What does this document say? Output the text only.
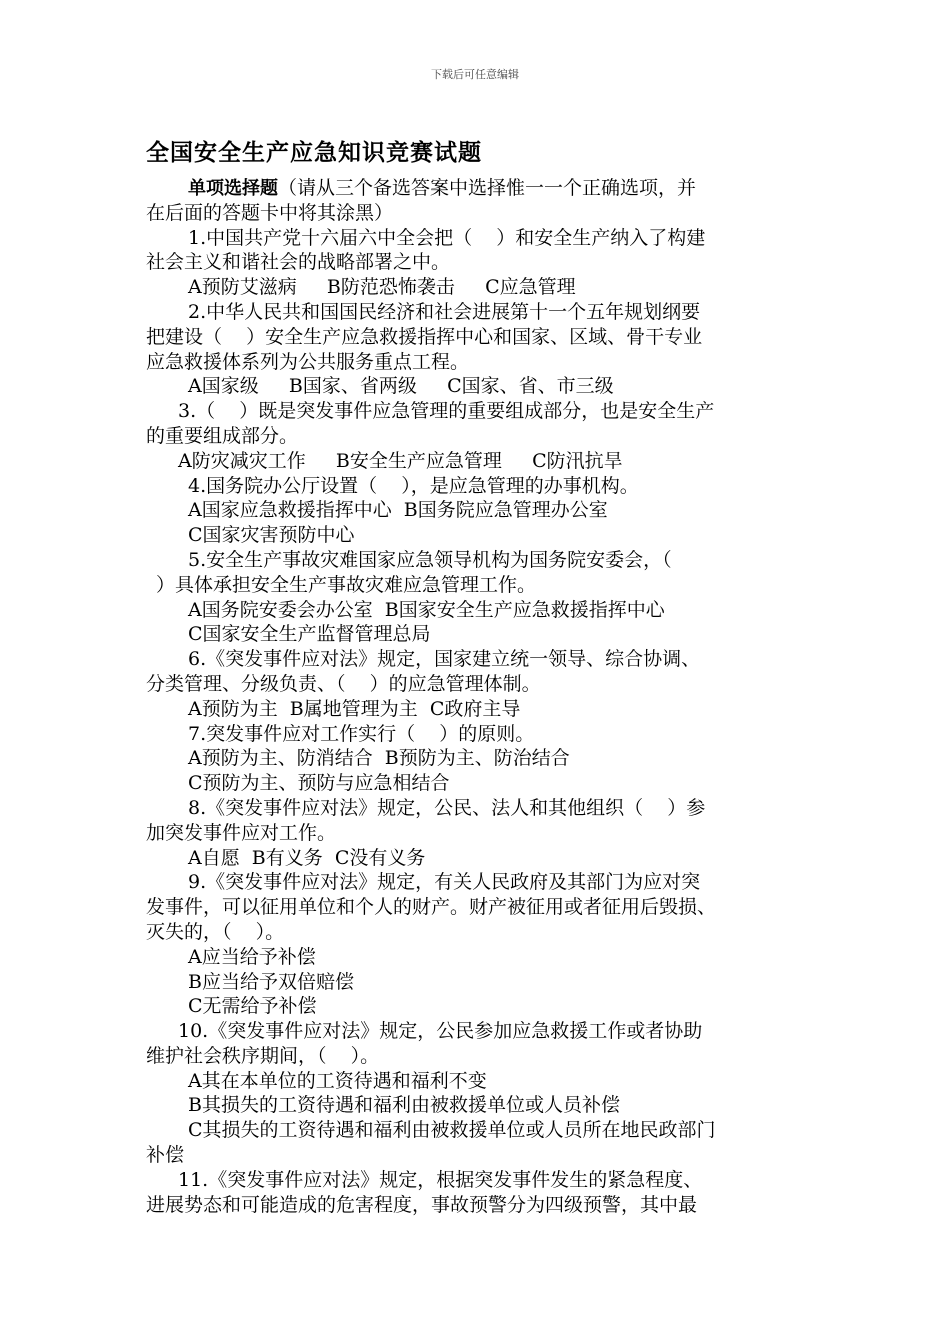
下载后可任意编辑
全国安全生产应急知识竞赛试题
单项选择题（请从三个备选答案中选择惟一一个正确选项，并
在后面的答题卡中将其涂黑）
1.中国共产党十六届六中全会把（    ）和安全生产纳入了构建
社会主义和谐社会的战略部署之中。
A预防艾滋病     B防范恐怖袭击     C应急管理
2.中华人民共和国国民经济和社会进展第十一个五年规划纲要
把建设（    ）安全生产应急救援指挥中心和国家、区域、骨干专业
应急救援体系列为公共服务重点工程。
A国家级     B国家、省两级     C国家、省、市三级
3.（    ）既是突发事件应急管理的重要组成部分，也是安全生产
的重要组成部分。
A防灾减灾工作     B安全生产应急管理     C防汛抗旱
4.国务院办公厅设置（    ），是应急管理的办事机构。
A国家应急救援指挥中心  B国务院应急管理办公室
C国家灾害预防中心
5.安全生产事故灾难国家应急领导机构为国务院安委会，（
）具体承担安全生产事故灾难应急管理工作。
A国务院安委会办公室  B国家安全生产应急救援指挥中心
C国家安全生产监督管理总局
6.《突发事件应对法》规定，国家建立统一领导、综合协调、
分类管理、分级负责、（    ）的应急管理体制。
A预防为主  B属地管理为主  C政府主导
7.突发事件应对工作实行（    ）的原则。
A预防为主、防消结合  B预防为主、防治结合
C预防为主、预防与应急相结合
8.《突发事件应对法》规定，公民、法人和其他组织（    ）参
加突发事件应对工作。
A自愿  B有义务  C没有义务
9.《突发事件应对法》规定，有关人民政府及其部门为应对突
发事件，可以征用单位和个人的财产。财产被征用或者征用后毁损、
灭失的，（    ）。
A应当给予补偿
B应当给予双倍赔偿
C无需给予补偿
10.《突发事件应对法》规定，公民参加应急救援工作或者协助
维护社会秩序期间，（    ）。
A其在本单位的工资待遇和福利不变
B其损失的工资待遇和福利由被救援单位或人员补偿
C其损失的工资待遇和福利由被救援单位或人员所在地民政部门
补偿
11.《突发事件应对法》规定，根据突发事件发生的紧急程度、
进展势态和可能造成的危害程度，事故预警分为四级预警，其中最
